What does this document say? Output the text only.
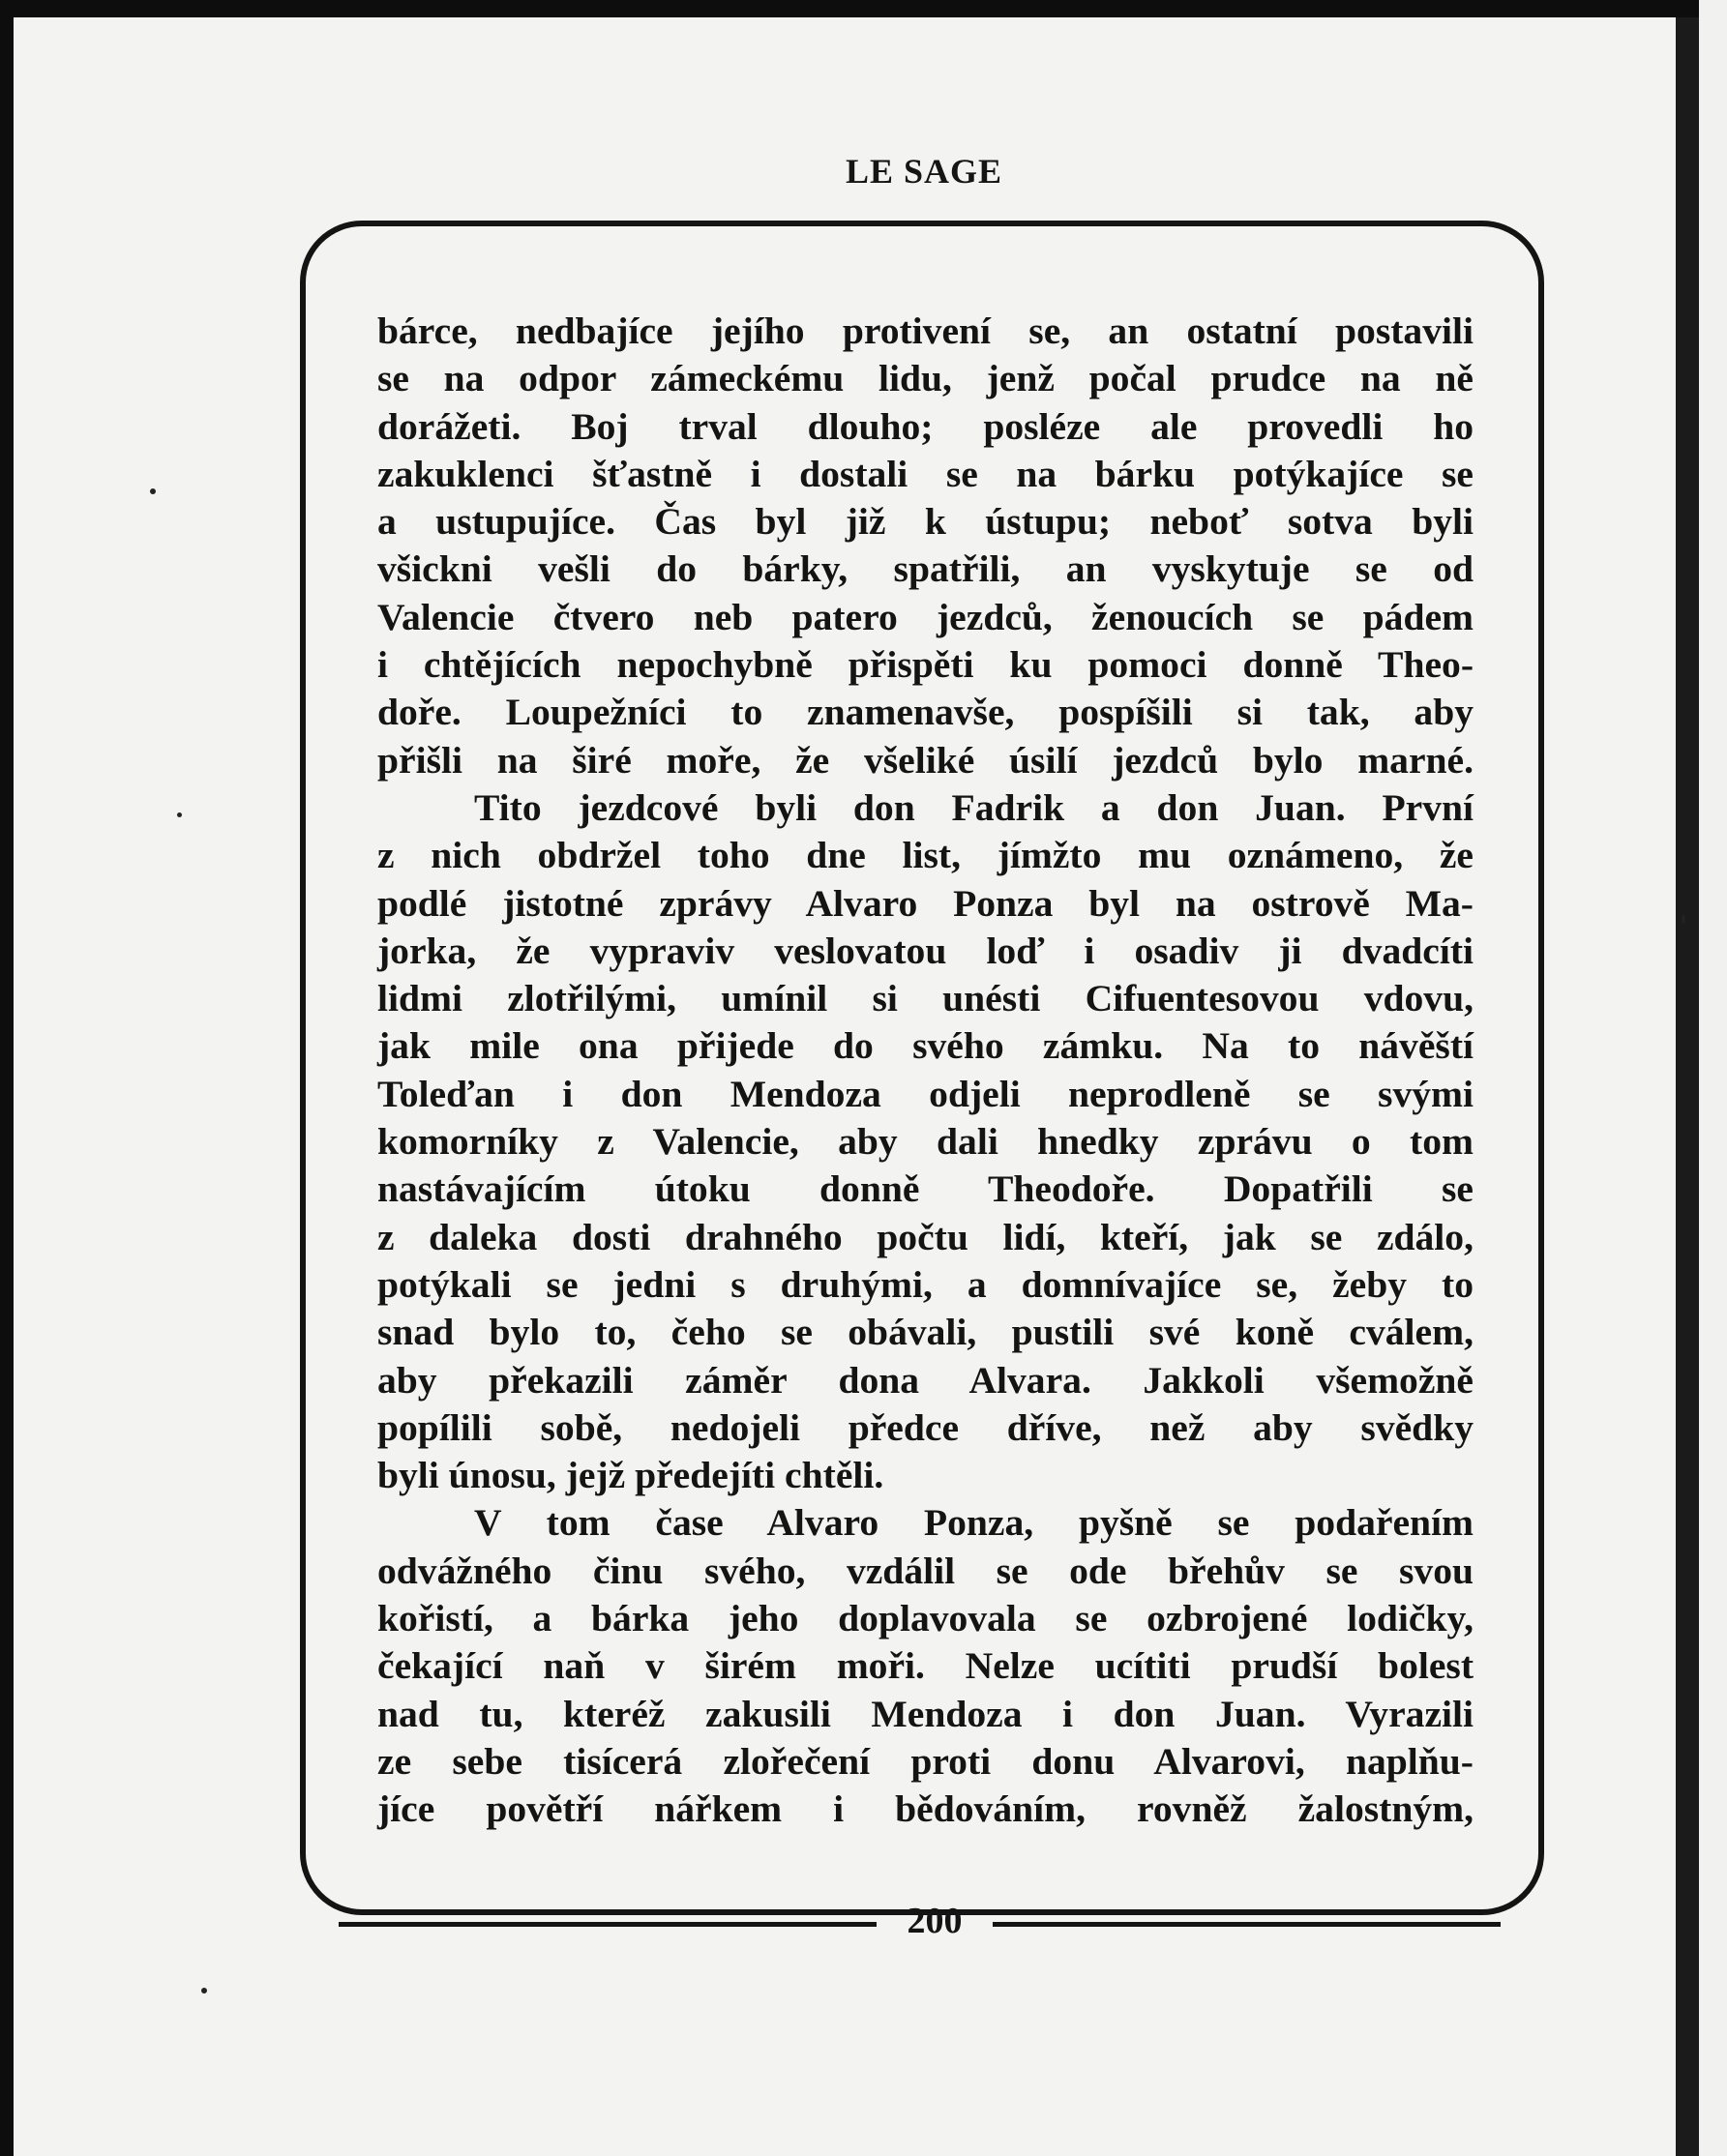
LE SAGE
bárce, nedbajíce jejího protivení se, an ostatní postavili
se na odpor zámeckému lidu, jenž počal prudce na ně
dorážeti. Boj trval dlouho; posléze ale provedli ho
zakuklenci šťastně i dostali se na bárku potýkajíce se
a ustupujíce. Čas byl již k ústupu; neboť sotva byli
všickni vešli do bárky, spatřili, an vyskytuje se od
Valencie čtvero neb patero jezdců, ženoucích se pádem
i chtějících nepochybně přispěti ku pomoci donně Theo-
doře. Loupežníci to znamenavše, pospíšili si tak, aby
přišli na širé moře, že všeliké úsilí jezdců bylo marné.
Tito jezdcové byli don Fadrik a don Juan. První
z nich obdržel toho dne list, jímžto mu oznámeno, že
podlé jistotné zprávy Alvaro Ponza byl na ostrově Ma-
jorka, že vypraviv veslovatou loď i osadiv ji dvadcíti
lidmi zlotřilými, umínil si unésti Cifuentesovou vdovu,
jak mile ona přijede do svého zámku. Na to návěští
Toleďan i don Mendoza odjeli neprodleně se svými
komorníky z Valencie, aby dali hnedky zprávu o tom
nastávajícím útoku donně Theodoře. Dopatřili se
z daleka dosti drahného počtu lidí, kteří, jak se zdálo,
potýkali se jedni s druhými, a domnívajíce se, žeby to
snad bylo to, čeho se obávali, pustili své koně cválem,
aby překazili záměr dona Alvara. Jakkoli všemožně
popílili sobě, nedojeli předce dříve, než aby svědky
byli únosu, jejž předejíti chtěli.
V tom čase Alvaro Ponza, pyšně se podařením
odvážného činu svého, vzdálil se ode břehův se svou
kořistí, a bárka jeho doplavovala se ozbrojené lodičky,
čekající naň v širém moři. Nelze ucítiti prudší bolest
nad tu, kteréž zakusili Mendoza i don Juan. Vyrazili
ze sebe tisícerá zlořečení proti donu Alvarovi, naplňu-
jíce povětří nářkem i bědováním, rovněž žalostným,
200
